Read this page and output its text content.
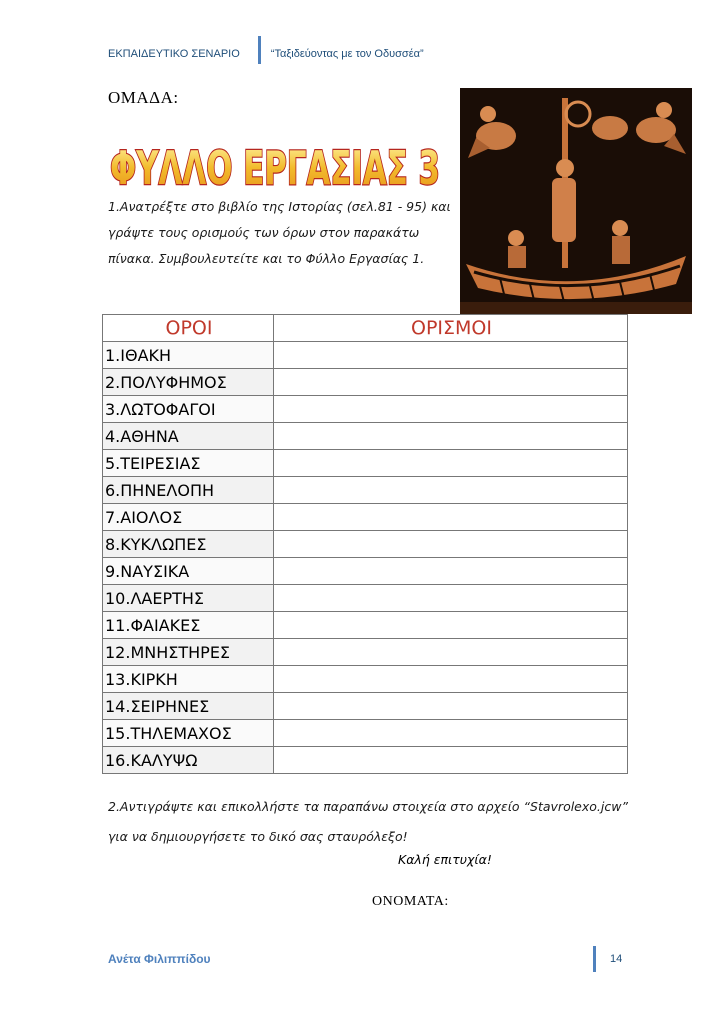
ΕΚΠΑΙΔΕΥΤΙΚΟ ΣΕΝΑΡΙΟ	“Ταξιδεύοντας με τον Οδυσσέα”
ΟΜΑΔΑ:
ΦΥΛΛΟ ΕΡΓΑΣΙΑΣ 3
1.Ανατρέξτε στο βιβλίο της Ιστορίας (σελ.81 - 95) και γράψτε τους ορισμούς των όρων στον παρακάτω πίνακα. Συμβουλευτείτε και το Φύλλο Εργασίας 1.
ΟΡΟΙ	ΟΡΙΣΜΟΙ
1.ΙΘΑΚΗ	
2.ΠΟΛΥΦΗΜΟΣ	
3.ΛΩΤΟΦΑΓΟΙ	
4.ΑΘΗΝΑ	
5.ΤΕΙΡΕΣΙΑΣ	
6.ΠΗΝΕΛΟΠΗ	
7.ΑΙΟΛΟΣ	
8.ΚΥΚΛΩΠΕΣ	
9.ΝΑΥΣΙΚΑ	
10.ΛΑΕΡΤΗΣ	
11.ΦΑΙΑΚΕΣ	
12.ΜΝΗΣΤΗΡΕΣ	
13.ΚΙΡΚΗ	
14.ΣΕΙΡΗΝΕΣ	
15.ΤΗΛΕΜΑΧΟΣ	
16.ΚΑΛΥΨΩ	
2.Αντιγράψτε και επικολλήστε τα παραπάνω στοιχεία στο αρχείο “Stavrolexo.jcw” για να δημιουργήσετε το δικό σας σταυρόλεξο!
Καλή επιτυχία!
ΟΝΟΜΑΤΑ:
Ανέτα Φιλιππίδου	14
